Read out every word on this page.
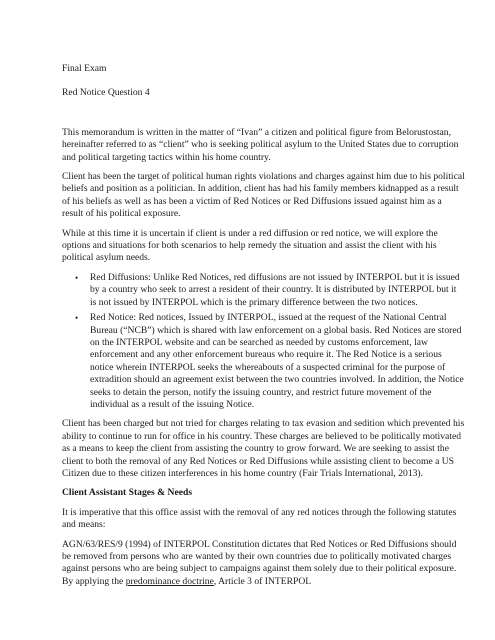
Final Exam
Red Notice Question 4

This memorandum is written in the matter of “Ivan” a citizen and political figure from Belorustostan, hereinafter referred to as “client” who is seeking political asylum to the United States due to corruption and political targeting tactics within his home country.

Client has been the target of political human rights violations and charges against him due to his political beliefs and position as a politician. In addition, client has had his family members kidnapped as a result of his beliefs as well as has been a victim of Red Notices or Red Diffusions issued against him as a result of his political exposure.

While at this time it is uncertain if client is under a red diffusion or red notice, we will explore the options and situations for both scenarios to help remedy the situation and assist the client with his political asylum needs.

• Red Diffusions: Unlike Red Notices, red diffusions are not issued by INTERPOL but it is issued by a country who seek to arrest a resident of their country. It is distributed by INTERPOL but it is not issued by INTERPOL which is the primary difference between the two notices.
• Red Notice: Red notices, Issued by INTERPOL, issued at the request of the National Central Bureau (“NCB”) which is shared with law enforcement on a global basis. Red Notices are stored on the INTERPOL website and can be searched as needed by customs enforcement, law enforcement and any other enforcement bureaus who require it. The Red Notice is a serious notice wherein INTERPOL seeks the whereabouts of a suspected criminal for the purpose of extradition should an agreement exist between the two countries involved. In addition, the Notice seeks to detain the person, notify the issuing country, and restrict future movement of the individual as a result of the issuing Notice.

Client has been charged but not tried for charges relating to tax evasion and sedition which prevented his ability to continue to run for office in his country. These charges are believed to be politically motivated as a means to keep the client from assisting the country to grow forward. We are seeking to assist the client to both the removal of any Red Notices or Red Diffusions while assisting client to become a US Citizen due to these citizen interferences in his home country (Fair Trials International, 2013).

Client Assistant Stages & Needs

It is imperative that this office assist with the removal of any red notices through the following statutes and means:

AGN/63/RES/9 (1994) of INTERPOL Constitution dictates that Red Notices or Red Diffusions should be removed from persons who are wanted by their own countries due to politically motivated charges against persons who are being subject to campaigns against them solely due to their political exposure. By applying the predominance doctrine, Article 3 of INTERPOL
